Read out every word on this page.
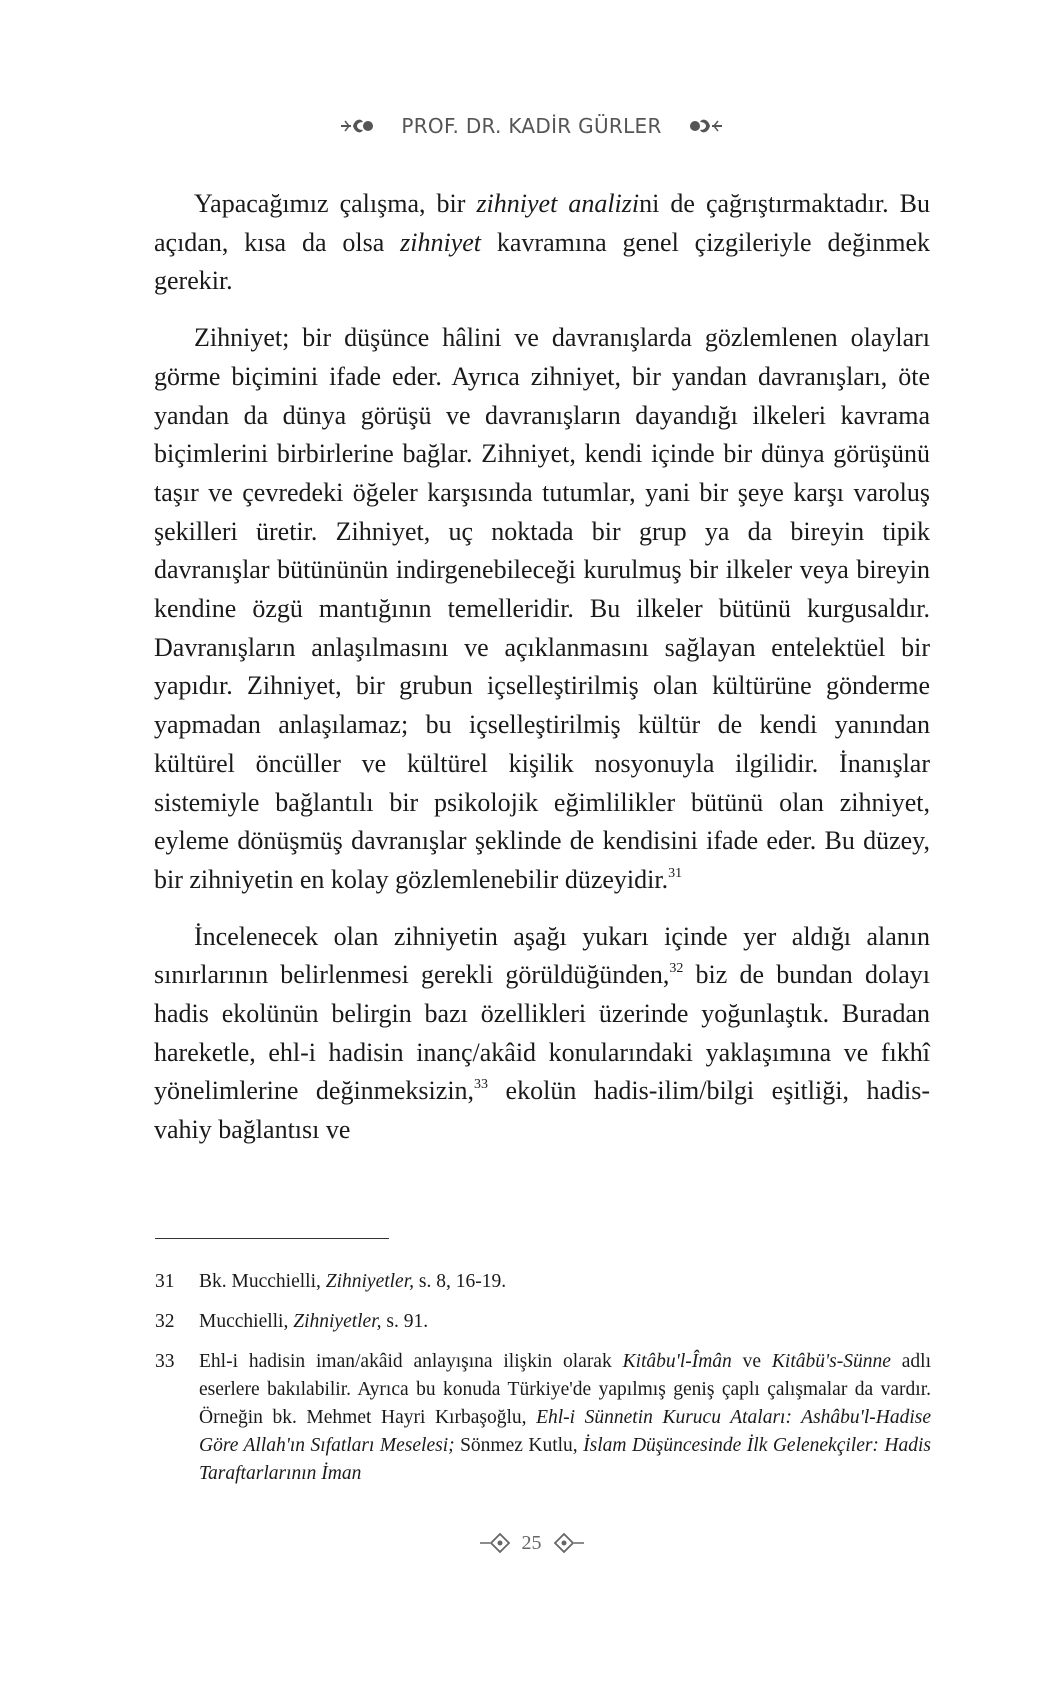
PROF. DR. KADİR GÜRLER

Yapacağımız çalışma, bir zihniyet analizini de çağrıştırmaktadır. Bu açıdan, kısa da olsa zihniyet kavramına genel çizgileriyle değinmek gerekir.

Zihniyet; bir düşünce hâlini ve davranışlarda gözlemlenen olayları görme biçimini ifade eder. Ayrıca zihniyet, bir yandan davranışları, öte yandan da dünya görüşü ve davranışların dayandığı ilkeleri kavrama biçimlerini birbirlerine bağlar. Zihniyet, kendi içinde bir dünya görüşünü taşır ve çevredeki öğeler karşısında tutumlar, yani bir şeye karşı varoluş şekilleri üretir. Zihniyet, uç noktada bir grup ya da bireyin tipik davranışlar bütününün indirgenebileceği kurulmuş bir ilkeler veya bireyin kendine özgü mantığının temelleridir. Bu ilkeler bütünü kurgusaldır. Davranışların anlaşılmasını ve açıklanmasını sağlayan entelektüel bir yapıdır. Zihniyet, bir grubun içselleştirilmiş olan kültürüne gönderme yapmadan anlaşılamaz; bu içselleştirilmiş kültür de kendi yanından kültürel öncüller ve kültürel kişilik nosyonuyla ilgilidir. İnanışlar sistemiyle bağlantılı bir psikolojik eğimlilikler bütünü olan zihniyet, eyleme dönüşmüş davranışlar şeklinde de kendisini ifade eder. Bu düzey, bir zihniyetin en kolay gözlemlenebilir düzeyidir.$^{31}$

İncelenecek olan zihniyetin aşağı yukarı içinde yer aldığı alanın sınırlarının belirlenmesi gerekli görüldüğünden,$^{32}$ biz de bundan dolayı hadis ekolünün belirgin bazı özellikleri üzerinde yoğunlaştık. Buradan hareketle, ehl-i hadisin inanç/akâid konularındaki yaklaşımına ve fıkhî yönelimlerine değinmeksizin,$^{33}$ ekolün hadis-ilim/bilgi eşitliği, hadis-vahiy bağlantısı ve

31	Bk. Mucchielli, Zihniyetler, s. 8, 16-19.
32	Mucchielli, Zihniyetler, s. 91.
33	Ehl-i hadisin iman/akâid anlayışına ilişkin olarak Kitâbu'l-Îmân ve Kitâbü's-Sünne adlı eserlere bakılabilir. Ayrıca bu konuda Türkiye'de yapılmış geniş çaplı çalışmalar da vardır. Örneğin bk. Mehmet Hayri Kırbaşoğlu, Ehl-i Sünnetin Kurucu Ataları: Ashâbu'l-Hadise Göre Allah'ın Sıfatları Meselesi; Sönmez Kutlu, İslam Düşüncesinde İlk Gelenekçiler: Hadis Taraftarlarının İman
25
